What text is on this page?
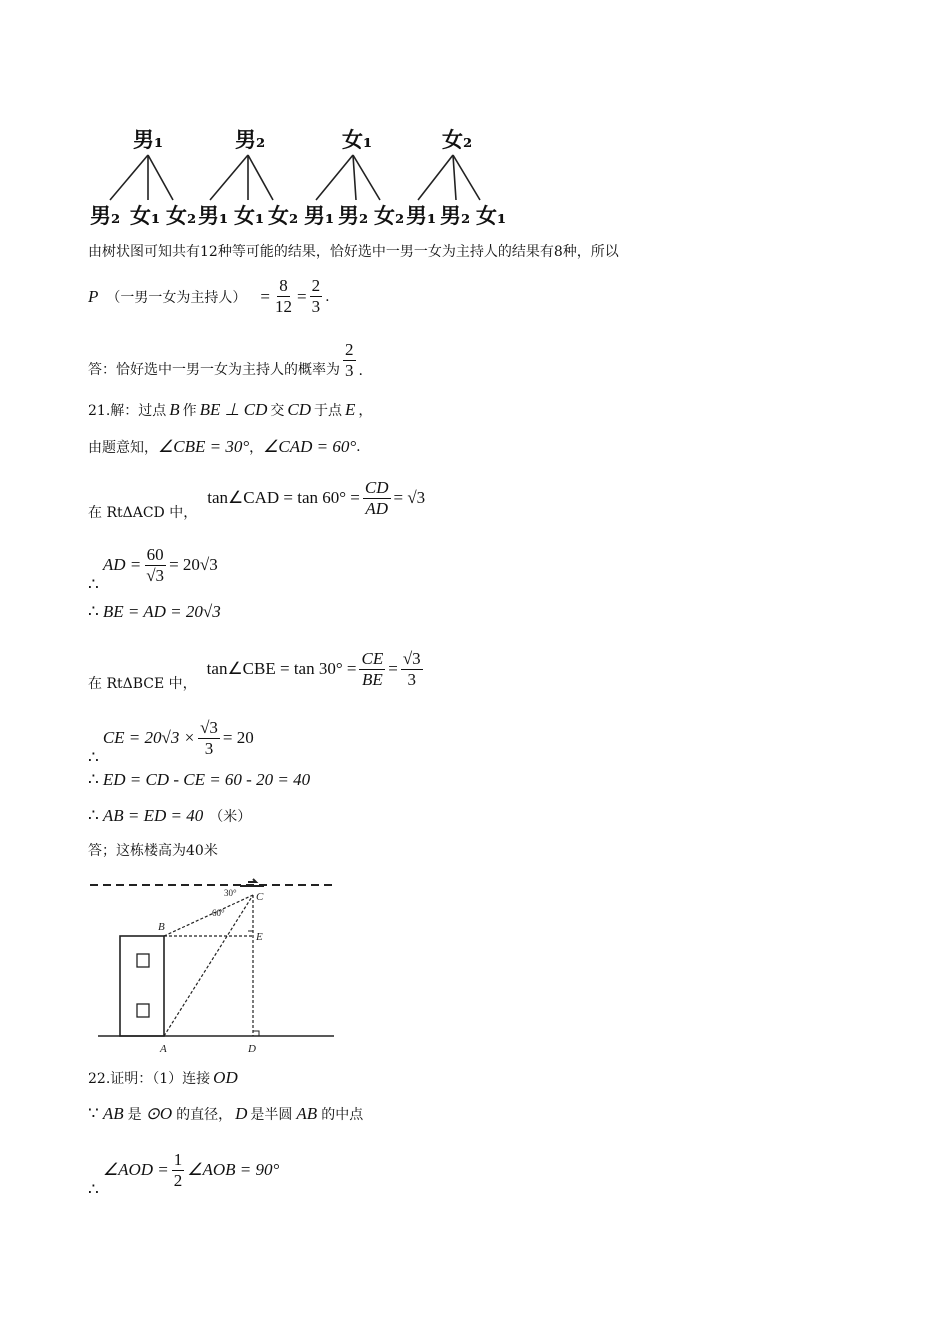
男₁	男₂	女₁	女₂
男₂ 女₁ 女₂ 男₁ 女₁ 女₂ 男₁ 男₂ 女₂ 男₁ 男₂ 女₁
由树状图可知共有12种等可能的结果，恰好选中一男一女为主持人的结果有8种，所以
P （一男一女为主持人） = $\frac{8}{12} = \frac{2}{3}$ .
答：恰好选中一男一女为主持人的概率为 $\frac{2}{3}$ .
21.解：过点 B 作 BE ⊥ CD 交 CD 于点 E ，
由题意知， ∠CBE = 30° ， ∠CAD = 60° .
在 RtΔACD 中，
tan∠CAD = $\tan 60^\circ = \frac{CD}{AD} = √3$
∴
AD = $\frac{60}{√3} = 20√3$
∴ BE = AD = 20√3
在 RtΔBCE 中，
tan∠CBE = $\tan 30^\circ = \frac{CE}{BE} = \frac{√3}{3}$
∴
CE = $20√3 \times \frac{√3}{3} = 20$
∴ ED = CD - CE = 60 - 20 = 40
∴ AB = ED = 40 （米）
答；这栋楼高为40米
B
C
E
A	D
30°
60°
22.证明：（1）连接 OD
∵ AB 是 ⊙O 的直径， D 是半圆 AB 的中点
∴
∠AOD = $\frac{1}{2}$ ∠AOB = 90°
